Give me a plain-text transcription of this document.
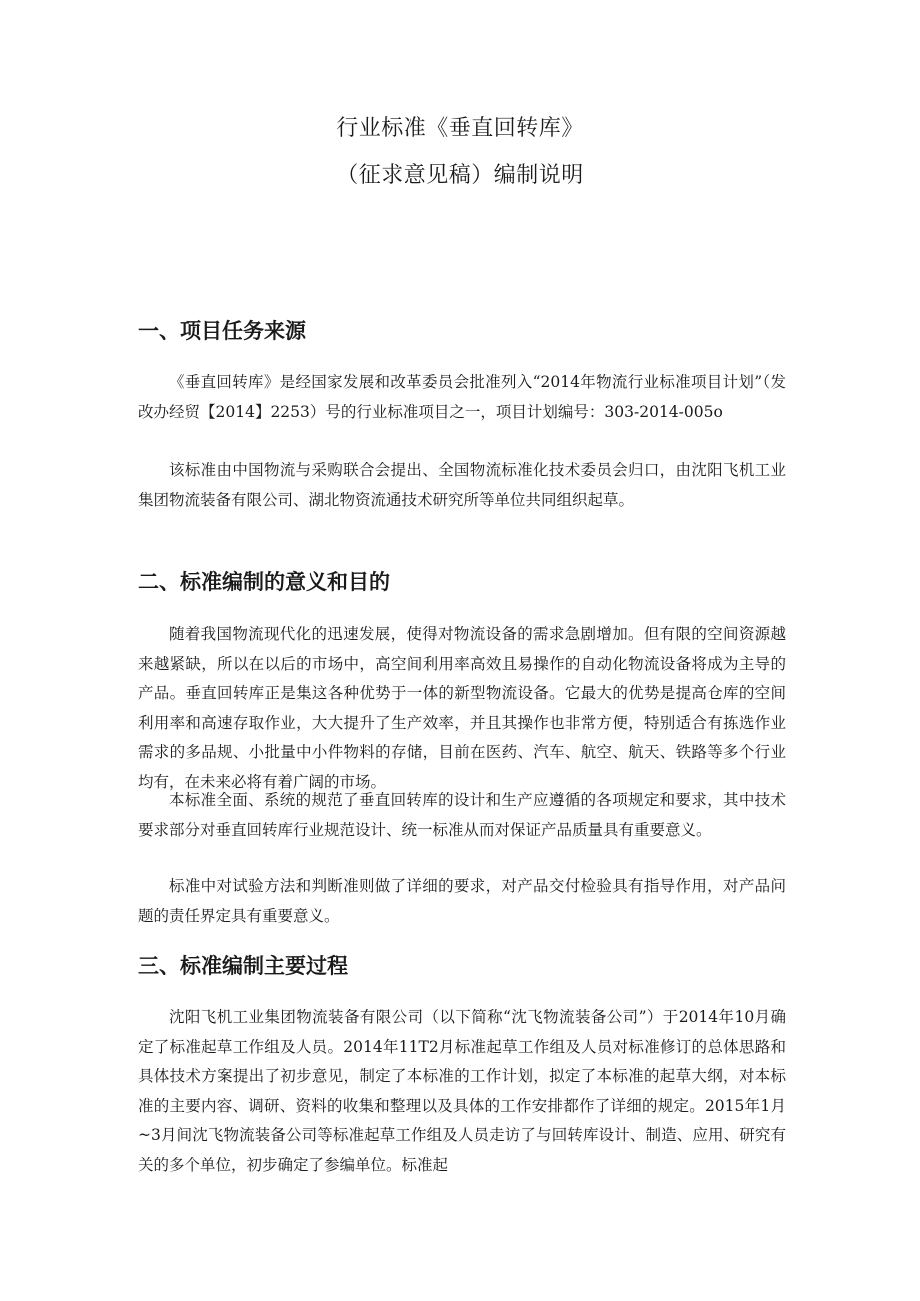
行业标准《垂直回转库》
（征求意见稿）编制说明
一、项目任务来源

《垂直回转库》是经国家发展和改革委员会批准列入“2014年物流行业标准项目计划”（发改办经贸【2014】2253）号的行业标准项目之一，项目计划编号：303-2014-005o

该标准由中国物流与采购联合会提出、全国物流标准化技术委员会归口，由沈阳飞机工业集团物流装备有限公司、湖北物资流通技术研究所等单位共同组织起草。

二、标准编制的意义和目的

随着我国物流现代化的迅速发展，使得对物流设备的需求急剧增加。但有限的空间资源越来越紧缺，所以在以后的市场中，高空间利用率高效且易操作的自动化物流设备将成为主导的产品。垂直回转库正是集这各种优势于一体的新型物流设备。它最大的优势是提高仓库的空间利用率和高速存取作业，大大提升了生产效率，并且其操作也非常方便，特别适合有拣选作业需求的多品规、小批量中小件物料的存储，目前在医药、汽车、航空、航天、铁路等多个行业均有，在未来必将有着广阔的市场。

本标准全面、系统的规范了垂直回转库的设计和生产应遵循的各项规定和要求，其中技术要求部分对垂直回转库行业规范设计、统一标准从而对保证产品质量具有重要意义。

标准中对试验方法和判断准则做了详细的要求，对产品交付检验具有指导作用，对产品问题的责任界定具有重要意义。

三、标准编制主要过程

沈阳飞机工业集团物流装备有限公司（以下简称“沈飞物流装备公司”）于2014年10月确定了标准起草工作组及人员。2014年11T2月标准起草工作组及人员对标准修订的总体思路和具体技术方案提出了初步意见，制定了本标准的工作计划，拟定了本标准的起草大纲，对本标准的主要内容、调研、资料的收集和整理以及具体的工作安排都作了详细的规定。2015年1月~3月间沈飞物流装备公司等标准起草工作组及人员走访了与回转库设计、制造、应用、研究有关的多个单位，初步确定了参编单位。标准起
